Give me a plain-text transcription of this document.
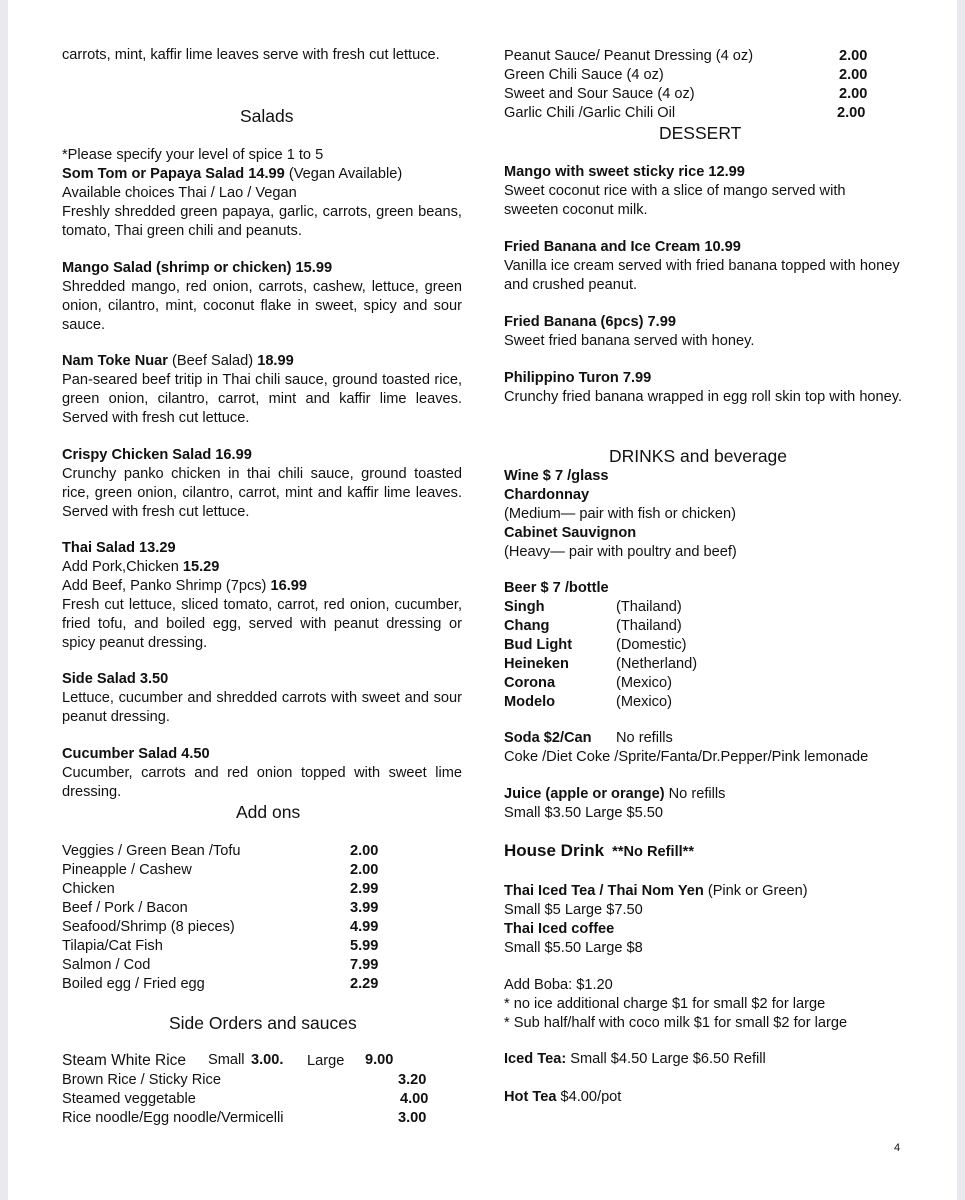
carrots, mint, kaffir lime leaves serve with fresh cut lettuce.
Salads
*Please specify your level of spice 1 to 5
Som Tom or Papaya Salad 14.99 (Vegan Available)
Available choices Thai / Lao / Vegan
Freshly shredded green papaya, garlic, carrots, green beans, tomato, Thai green chili and peanuts.
Mango Salad (shrimp or chicken) 15.99
Shredded mango, red onion, carrots, cashew, lettuce, green onion, cilantro, mint, coconut flake in sweet, spicy and sour sauce.
Nam Toke Nuar (Beef Salad) 18.99
Pan-seared beef tritip in Thai chili sauce, ground toasted rice, green onion, cilantro, carrot, mint and kaffir lime leaves. Served with fresh cut lettuce.
Crispy Chicken Salad 16.99
Crunchy panko chicken in thai chili sauce, ground toasted rice, green onion, cilantro, carrot, mint and kaffir lime leaves. Served with fresh cut lettuce.
Thai Salad 13.29
Add Pork,Chicken 15.29
Add Beef, Panko Shrimp (7pcs) 16.99
Fresh cut lettuce, sliced tomato, carrot, red onion, cucumber, fried tofu, and boiled egg, served with peanut dressing or spicy peanut dressing.
Side Salad 3.50
Lettuce, cucumber and shredded carrots with sweet and sour peanut dressing.
Cucumber Salad 4.50
Cucumber, carrots and red onion topped with sweet lime dressing.
Add ons
Veggies / Green Bean /Tofu	2.00
Pineapple / Cashew	2.00
Chicken	2.99
Beef / Pork / Bacon	3.99
Seafood/Shrimp (8 pieces)	4.99
Tilapia/Cat Fish	5.99
Salmon / Cod	7.99
Boiled egg / Fried egg	2.29
Side Orders and sauces
Steam White Rice Small 3.00. Large 9.00
Brown Rice / Sticky Rice	3.20
Steamed veggetable	4.00
Rice noodle/Egg noodle/Vermicelli	3.00
Peanut Sauce/ Peanut Dressing (4 oz)	2.00
Green Chili Sauce (4 oz)	2.00
Sweet and Sour Sauce (4 oz)	2.00
Garlic Chili /Garlic Chili Oil	2.00
DESSERT
Mango with sweet sticky rice 12.99
Sweet coconut rice with a slice of mango served with sweeten coconut milk.
Fried Banana and Ice Cream 10.99
Vanilla ice cream served with fried banana topped with honey and crushed peanut.
Fried Banana (6pcs) 7.99
Sweet fried banana served with honey.
Philippino Turon 7.99
Crunchy fried banana wrapped in egg roll skin top with honey.
DRINKS and beverage
Wine $ 7 /glass
Chardonnay
(Medium— pair with fish or chicken)
Cabinet Sauvignon
(Heavy— pair with poultry and beef)
Beer $ 7 /bottle
Singh	(Thailand)
Chang	(Thailand)
Bud Light	(Domestic)
Heineken	(Netherland)
Corona	(Mexico)
Modelo	(Mexico)
Soda $2/Can No refills
Coke /Diet Coke /Sprite/Fanta/Dr.Pepper/Pink lemonade
Juice (apple or orange) No refills
Small $3.50 Large $5.50
House Drink **No Refill**
Thai Iced Tea / Thai Nom Yen (Pink or Green)
Small $5 Large $7.50
Thai Iced coffee
Small $5.50 Large $8
Add Boba: $1.20
* no ice additional charge $1 for small $2 for large
* Sub half/half with coco milk $1 for small $2 for large
Iced Tea: Small $4.50 Large $6.50 Refill
Hot Tea $4.00/pot
4
